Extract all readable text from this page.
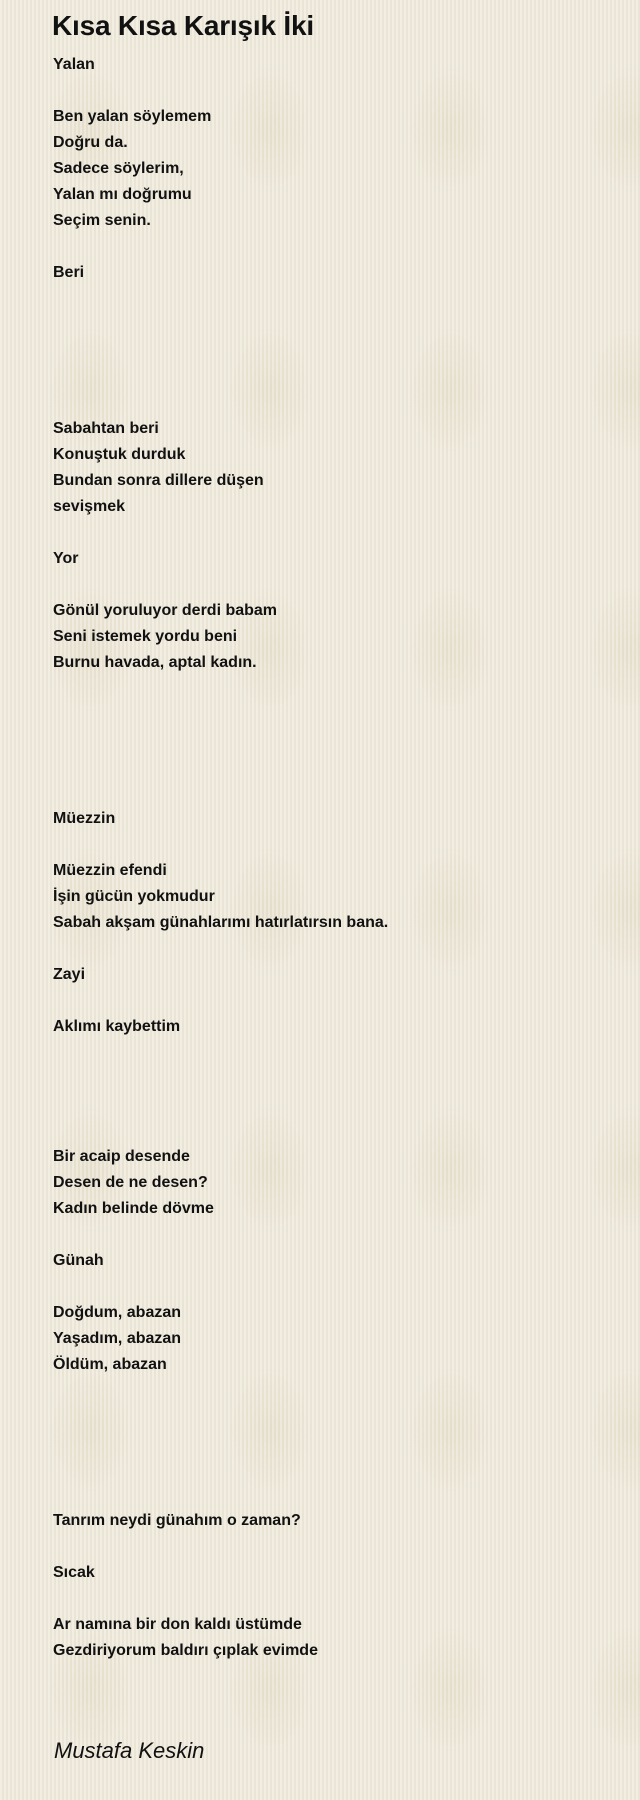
Kısa Kısa Karışık İki
Yalan
Ben yalan söylemem
Doğru da.
Sadece söylerim,
Yalan mı doğrumu
Seçim senin.
Beri
Sabahtan beri
Konuştuk durduk
Bundan sonra dillere düşen
sevişmek
Yor
Gönül yoruluyor derdi babam
Seni istemek yordu beni
Burnu havada, aptal kadın.
Müezzin
Müezzin efendi
İşin gücün yokmudur
Sabah akşam günahlarımı hatırlatırsın bana.
Zayi
Aklımı kaybettim
Bir acaip desende
Desen de ne desen?
Kadın belinde dövme
Günah
Doğdum, abazan
Yaşadım, abazan
Öldüm, abazan
Tanrım neydi günahım o zaman?
Sıcak
Ar namına bir don kaldı üstümde
Gezdiriyorum baldırı çıplak evimde
Mustafa Keskin
